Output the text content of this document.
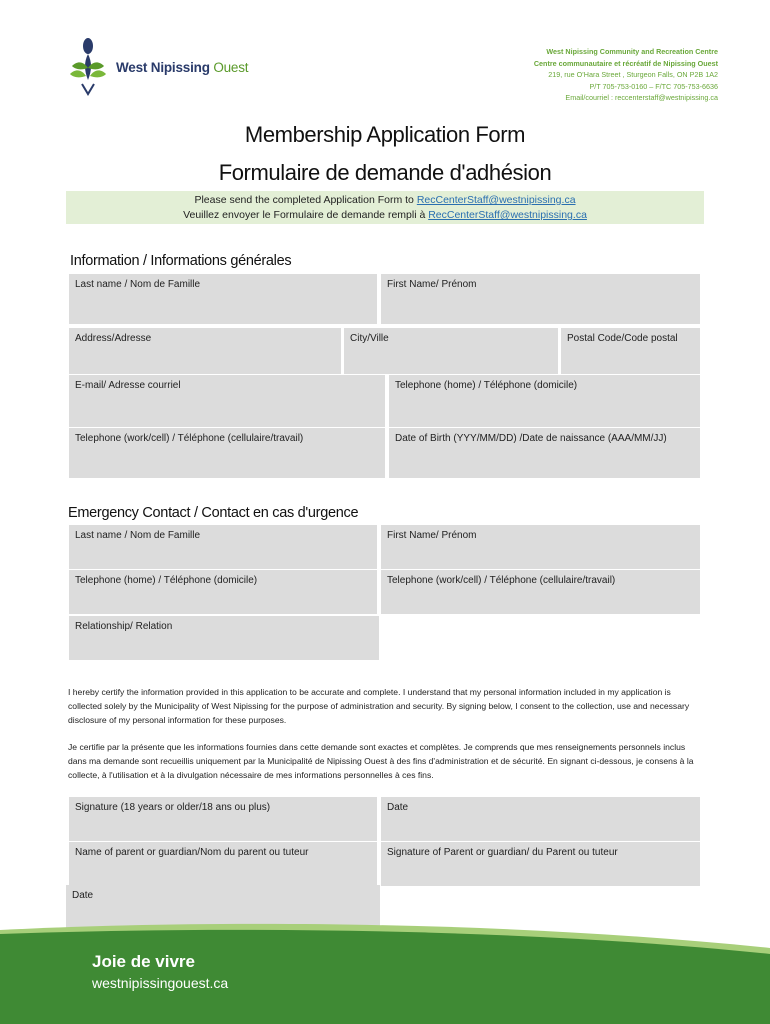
West Nipissing Ouest
West Nipissing Community and Recreation Centre
Centre communautaire et récréatif de Nipissing Ouest
219, rue O’Hara Street , Sturgeon Falls, ON P2B 1A2
P/T 705-753-0160 – F/TC 705-753-6636
Email/courriel : reccenterstaff@westnipissing.ca
Membership Application Form
Formulaire de demande d'adhésion
Please send the completed Application Form to RecCenterStaff@westnipissing.ca
Veuillez envoyer le Formulaire de demande rempli à RecCenterStaff@westnipissing.ca
Information / Informations générales
Last name / Nom de Famille	First Name/ Prénom
Address/Adresse	City/Ville	Postal Code/Code postal
E-mail/ Adresse courriel	Telephone (home) / Téléphone (domicile)
Telephone (work/cell) / Téléphone (cellulaire/travail)	Date of Birth (YYY/MM/DD) /Date de naissance (AAA/MM/JJ)
Emergency Contact / Contact en cas d'urgence
Last name / Nom de Famille	First Name/ Prénom
Telephone (home) / Téléphone (domicile)	Telephone (work/cell) / Téléphone (cellulaire/travail)
Relationship/ Relation
I hereby certify the information provided in this application to be accurate and complete. I understand that my personal information included in my application is collected solely by the Municipality of West Nipissing for the purpose of administration and security. By signing below, I consent to the collection, use and necessary disclosure of my personal information for these purposes.
Je certifie par la présente que les informations fournies dans cette demande sont exactes et complètes. Je comprends que mes renseignements personnels inclus dans ma demande sont recueillis uniquement par la Municipalité de Nipissing Ouest à des fins d'administration et de sécurité. En signant ci-dessous, je consens à la collecte, à l'utilisation et à la divulgation nécessaire de mes informations personnelles à ces fins.
Signature (18 years or older/18 ans ou plus)	Date
Name of parent or guardian/Nom du parent ou tuteur	Signature of Parent or guardian/ du Parent ou tuteur
Date
Joie de vivre
westnipissingouest.ca
